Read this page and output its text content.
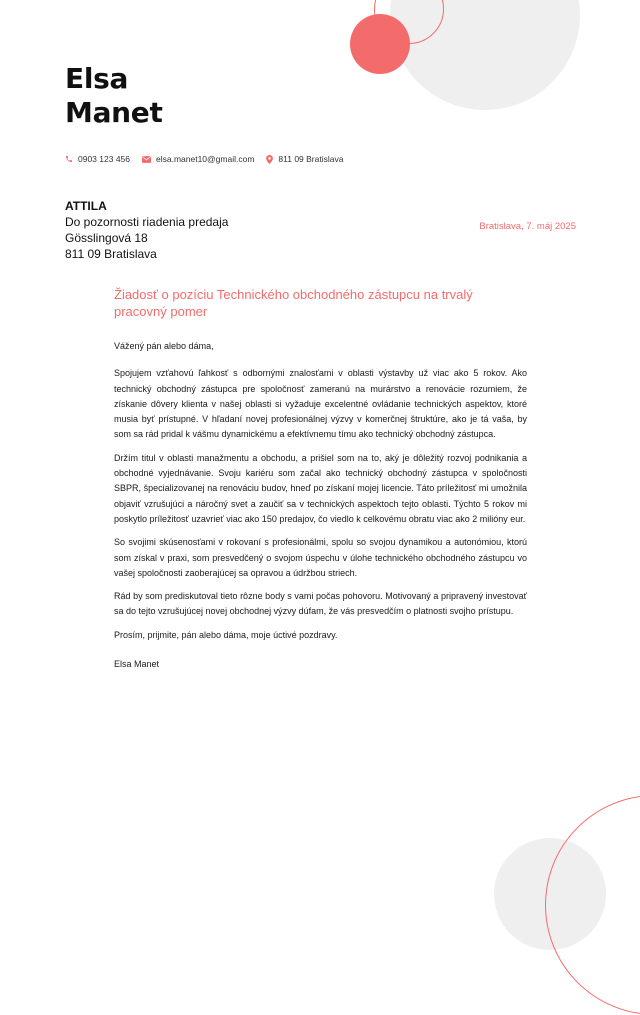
Elsa
Manet
0903 123 456	elsa.manet10@gmail.com	811 09 Bratislava
ATTILA
Do pozornosti riadenia predaja
Gösslingová 18
811 09 Bratislava
Bratislava, 7. máj 2025
Žiadosť o pozíciu Technického obchodného zástupcu na trvalý pracovný pomer

Vážený pán alebo dáma,

Spojujem vzťahovú ľahkosť s odbornými znalosťami v oblasti výstavby už viac ako 5 rokov. Ako technický obchodný zástupca pre spoločnosť zameranú na murárstvo a renovácie rozumiem, že získanie dôvery klienta v našej oblasti si vyžaduje excelentné ovládanie technických aspektov, ktoré musia byť prístupné. V hľadaní novej profesionálnej výzvy v komerčnej štruktúre, ako je tá vaša, by som sa rád pridal k vášmu dynamickému a efektívnemu tímu ako technický obchodný zástupca.

Držím titul v oblasti manažmentu a obchodu, a prišiel som na to, aký je dôležitý rozvoj podnikania a obchodné vyjednávanie. Svoju kariéru som začal ako technický obchodný zástupca v spoločnosti SBPR, špecializovanej na renováciu budov, hneď po získaní mojej licencie. Táto príležitosť mi umožnila objaviť vzrušujúci a náročný svet a zaučiť sa v technických aspektoch tejto oblasti. Týchto 5 rokov mi poskytlo príležitosť uzavrieť viac ako 150 predajov, čo viedlo k celkovému obratu viac ako 2 milióny eur.

So svojimi skúsenosťami v rokovaní s profesionálmi, spolu so svojou dynamikou a autonómiou, ktorú som získal v praxi, som presvedčený o svojom úspechu v úlohe technického obchodného zástupcu vo vašej spoločnosti zaoberajúcej sa opravou a údržbou striech.

Rád by som prediskutoval tieto rôzne body s vami počas pohovoru. Motivovaný a pripravený investovať sa do tejto vzrušujúcej novej obchodnej výzvy dúfam, že vás presvedčím o platnosti svojho prístupu.

Prosím, prijmite, pán alebo dáma, moje úctivé pozdravy.

Elsa Manet
